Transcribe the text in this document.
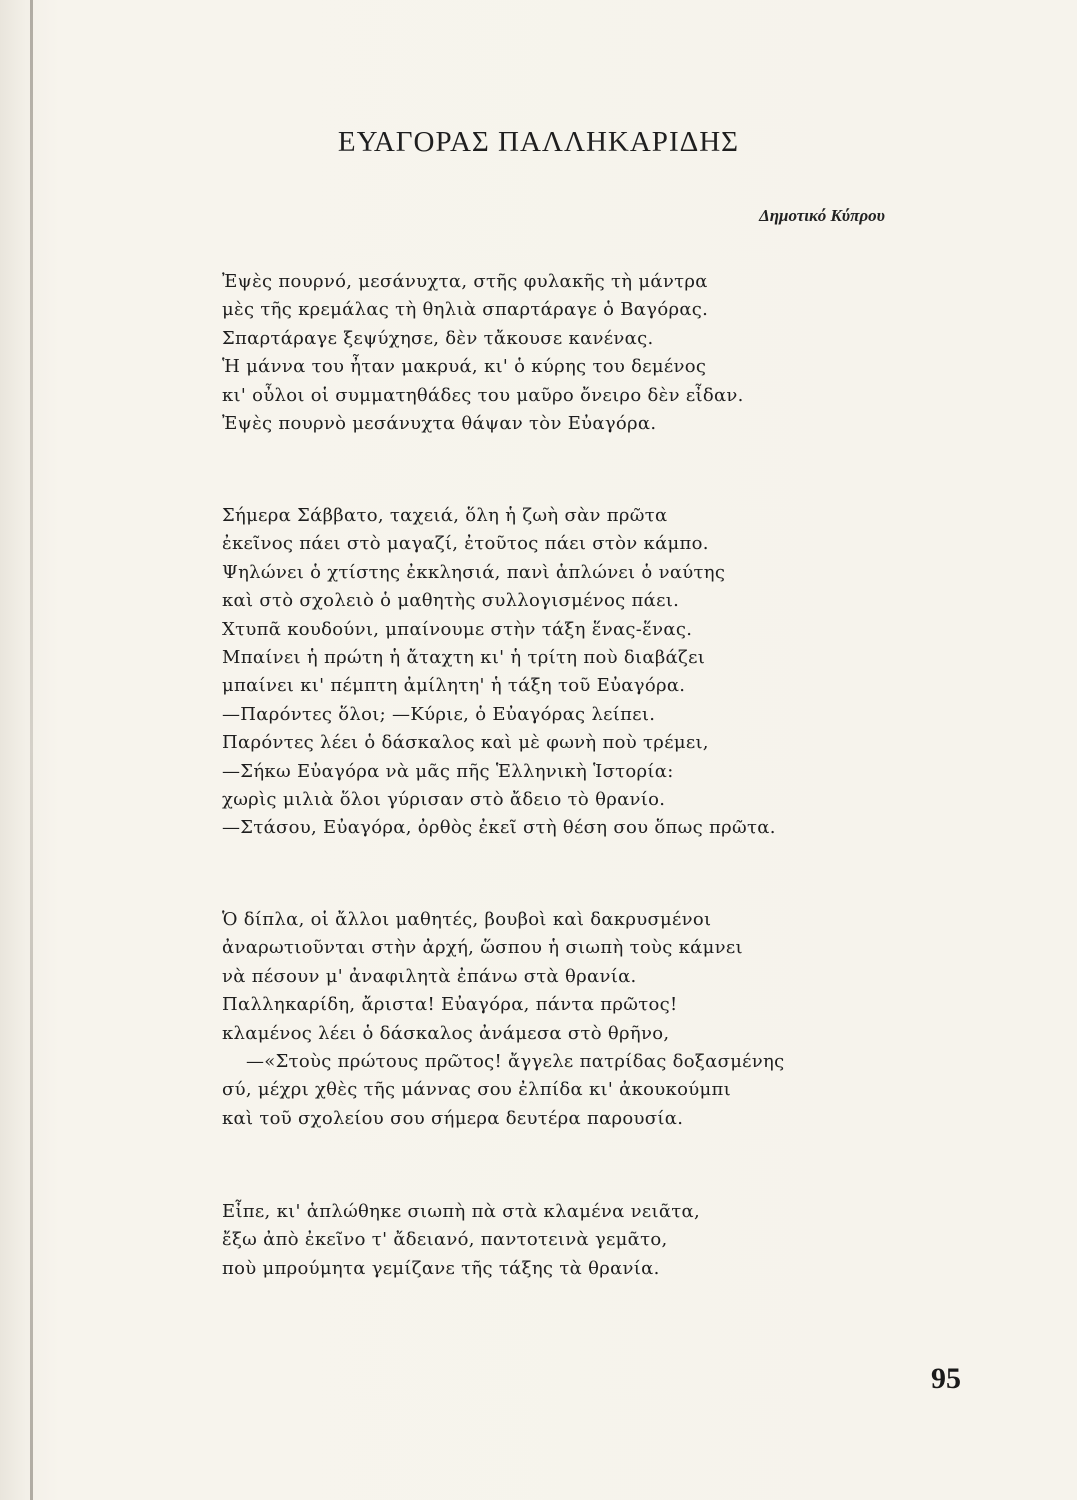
ΕΥΑΓΟΡΑΣ ΠΑΛΛΗΚΑΡΙΔΗΣ
Δημοτικό Κύπρου
Ἐψὲς πουρνό, μεσάνυχτα, στῆς φυλακῆς τὴ μάντρα
μὲς τῆς κρεμάλας τὴ θηλιὰ σπαρτάραγε ὁ Βαγόρας.
Σπαρτάραγε ξεψύχησε, δὲν τἄκουσε κανένας.
Ἡ μάννα του ἦταν μακρυά, κι' ὁ κύρης του δεμένος
κι' οὖλοι οἱ συμματηθάδες του μαῦρο ὄνειρο δὲν εἶδαν.
Ἐψὲς πουρνὸ μεσάνυχτα θάψαν τὸν Εὐαγόρα.
Σήμερα Σάββατο, ταχειά, ὅλη ἡ ζωὴ σὰν πρῶτα
ἐκεῖνος πάει στὸ μαγαζί, ἐτοῦτος πάει στὸν κάμπο.
Ψηλώνει ὁ χτίστης ἐκκλησιά, πανὶ ἁπλώνει ὁ ναύτης
καὶ στὸ σχολειὸ ὁ μαθητὴς συλλογισμένος πάει.
Χτυπᾶ κουδούνι, μπαίνουμε στὴν τάξη ἕνας-ἕνας.
Μπαίνει ἡ πρώτη ἡ ἄταχτη κι' ἡ τρίτη ποὺ διαβάζει
μπαίνει κι' πέμπτη ἀμίλητη' ἡ τάξη τοῦ Εὐαγόρα.
—Παρόντες ὅλοι; —Κύριε, ὁ Εὐαγόρας λείπει.
Παρόντες λέει ὁ δάσκαλος καὶ μὲ φωνὴ ποὺ τρέμει,
—Σήκω Εὐαγόρα νὰ μᾶς πῆς Ἑλληνικὴ Ἱστορία:
χωρὶς μιλιὰ ὅλοι γύρισαν στὸ ἄδειο τὸ θρανίο.
—Στάσου, Εὐαγόρα, ὀρθὸς ἐκεῖ στὴ θέση σου ὅπως πρῶτα.
Ὁ δίπλα, οἱ ἄλλοι μαθητές, βουβοὶ καὶ δακρυσμένοι
ἀναρωτιοῦνται στὴν ἀρχή, ὥσπου ἡ σιωπὴ τοὺς κάμνει
νὰ πέσουν μ' ἀναφιλητὰ ἐπάνω στὰ θρανία.
Παλληκαρίδη, ἄριστα! Εὐαγόρα, πάντα πρῶτος!
κλαμένος λέει ὁ δάσκαλος ἀνάμεσα στὸ θρῆνο,
—«Στοὺς πρώτους πρῶτος! ἄγγελε πατρίδας δοξασμένης
σύ, μέχρι χθὲς τῆς μάννας σου ἐλπίδα κι' ἀκουκούμπι
καὶ τοῦ σχολείου σου σήμερα δευτέρα παρουσία.
Εἶπε, κι' ἁπλώθηκε σιωπὴ πὰ στὰ κλαμένα νειᾶτα,
ἔξω ἀπὸ ἐκεῖνο τ' ἄδειανό, παντοτεινὰ γεμᾶτο,
ποὺ μπρούμητα γεμίζανε τῆς τάξης τὰ θρανία.
95
